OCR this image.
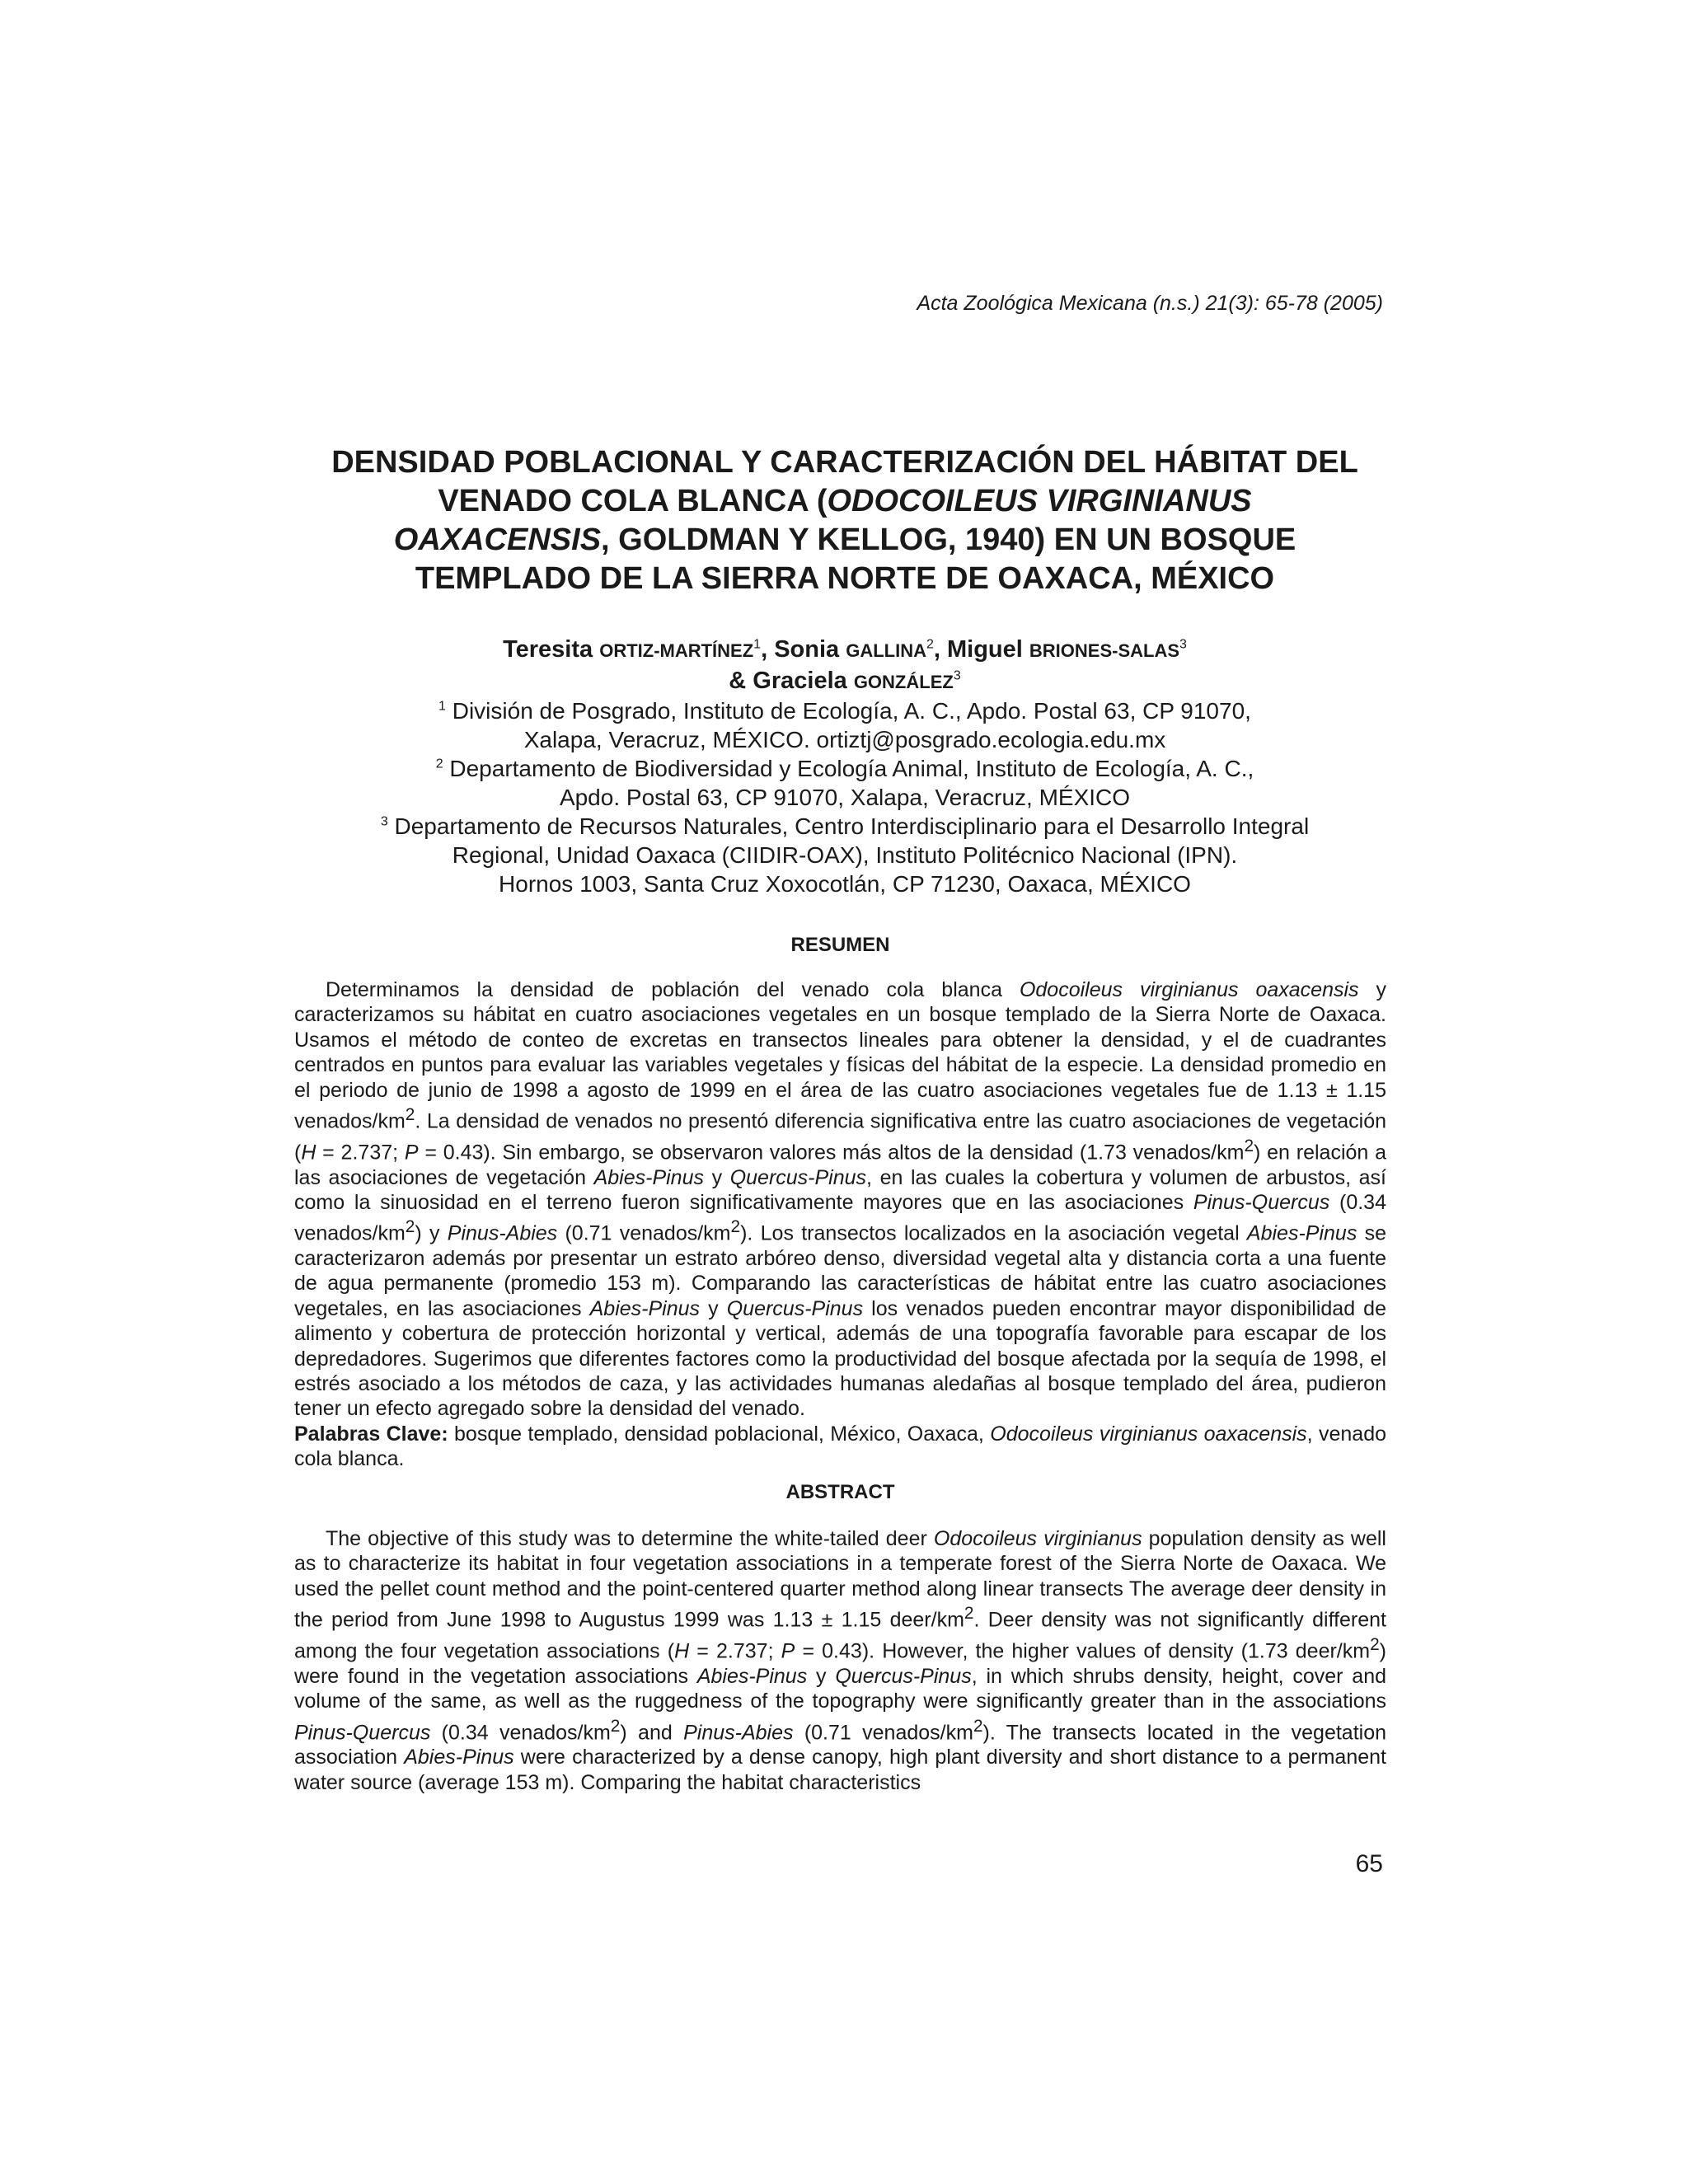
Acta Zoológica Mexicana (n.s.) 21(3): 65-78 (2005)
DENSIDAD POBLACIONAL Y CARACTERIZACIÓN DEL HÁBITAT DEL
VENADO COLA BLANCA (ODOCOILEUS VIRGINIANUS
OAXACENSIS, GOLDMAN Y KELLOG, 1940) EN UN BOSQUE
TEMPLADO DE LA SIERRA NORTE DE OAXACA, MÉXICO
Teresita ORTIZ-MARTÍNEZ$^1$, Sonia GALLINA$^2$, Miguel BRIONES-SALAS$^3$
& Graciela GONZÁLEZ$^3$
$^1$ División de Posgrado, Instituto de Ecología, A. C., Apdo. Postal 63, CP 91070,
Xalapa, Veracruz, MÉXICO. ortiztj@posgrado.ecologia.edu.mx
$^2$ Departamento de Biodiversidad y Ecología Animal, Instituto de Ecología, A. C.,
Apdo. Postal 63, CP 91070, Xalapa, Veracruz, MÉXICO
$^3$ Departamento de Recursos Naturales, Centro Interdisciplinario para el Desarrollo Integral
Regional, Unidad Oaxaca (CIIDIR-OAX), Instituto Politécnico Nacional (IPN).
Hornos 1003, Santa Cruz Xoxocotlán, CP 71230, Oaxaca, MÉXICO
RESUMEN

Determinamos la densidad de población del venado cola blanca Odocoileus virginianus oaxacensis y caracterizamos su hábitat en cuatro asociaciones vegetales en un bosque templado de la Sierra Norte de Oaxaca. Usamos el método de conteo de excretas en transectos lineales para obtener la densidad, y el de cuadrantes centrados en puntos para evaluar las variables vegetales y físicas del hábitat de la especie. La densidad promedio en el periodo de junio de 1998 a agosto de 1999 en el área de las cuatro asociaciones vegetales fue de 1.13 ± 1.15 venados/$km^2$. La densidad de venados no presentó diferencia significativa entre las cuatro asociaciones de vegetación (H = 2.737; P = 0.43). Sin embargo, se observaron valores más altos de la densidad (1.73 venados/$km^2$) en relación a las asociaciones de vegetación Abies-Pinus y Quercus-Pinus, en las cuales la cobertura y volumen de arbustos, así como la sinuosidad en el terreno fueron significativamente mayores que en las asociaciones Pinus-Quercus (0.34 venados/$km^2$) y Pinus-Abies (0.71 venados/$km^2$). Los transectos localizados en la asociación vegetal Abies-Pinus se caracterizaron además por presentar un estrato arbóreo denso, diversidad vegetal alta y distancia corta a una fuente de agua permanente (promedio 153 m). Comparando las características de hábitat entre las cuatro asociaciones vegetales, en las asociaciones Abies-Pinus y Quercus-Pinus los venados pueden encontrar mayor disponibilidad de alimento y cobertura de protección horizontal y vertical, además de una topografía favorable para escapar de los depredadores. Sugerimos que diferentes factores como la productividad del bosque afectada por la sequía de 1998, el estrés asociado a los métodos de caza, y las actividades humanas aledañas al bosque templado del área, pudieron tener un efecto agregado sobre la densidad del venado.

Palabras Clave: bosque templado, densidad poblacional, México, Oaxaca, Odocoileus virginianus oaxacensis, venado cola blanca.

ABSTRACT

The objective of this study was to determine the white-tailed deer Odocoileus virginianus population density as well as to characterize its habitat in four vegetation associations in a temperate forest of the Sierra Norte de Oaxaca. We used the pellet count method and the point-centered quarter method along linear transects The average deer density in the period from June 1998 to Augustus 1999 was 1.13 ± 1.15 deer/$km^2$. Deer density was not significantly different among the four vegetation associations (H = 2.737; P = 0.43). However, the higher values of density (1.73 deer/$km^2$) were found in the vegetation associations Abies-Pinus y Quercus-Pinus, in which shrubs density, height, cover and volume of the same, as well as the ruggedness of the topography were significantly greater than in the associations Pinus-Quercus (0.34 venados/$km^2$) and Pinus-Abies (0.71 venados/$km^2$). The transects located in the vegetation association Abies-Pinus were characterized by a dense canopy, high plant diversity and short distance to a permanent water source (average 153 m). Comparing the habitat characteristics

65
